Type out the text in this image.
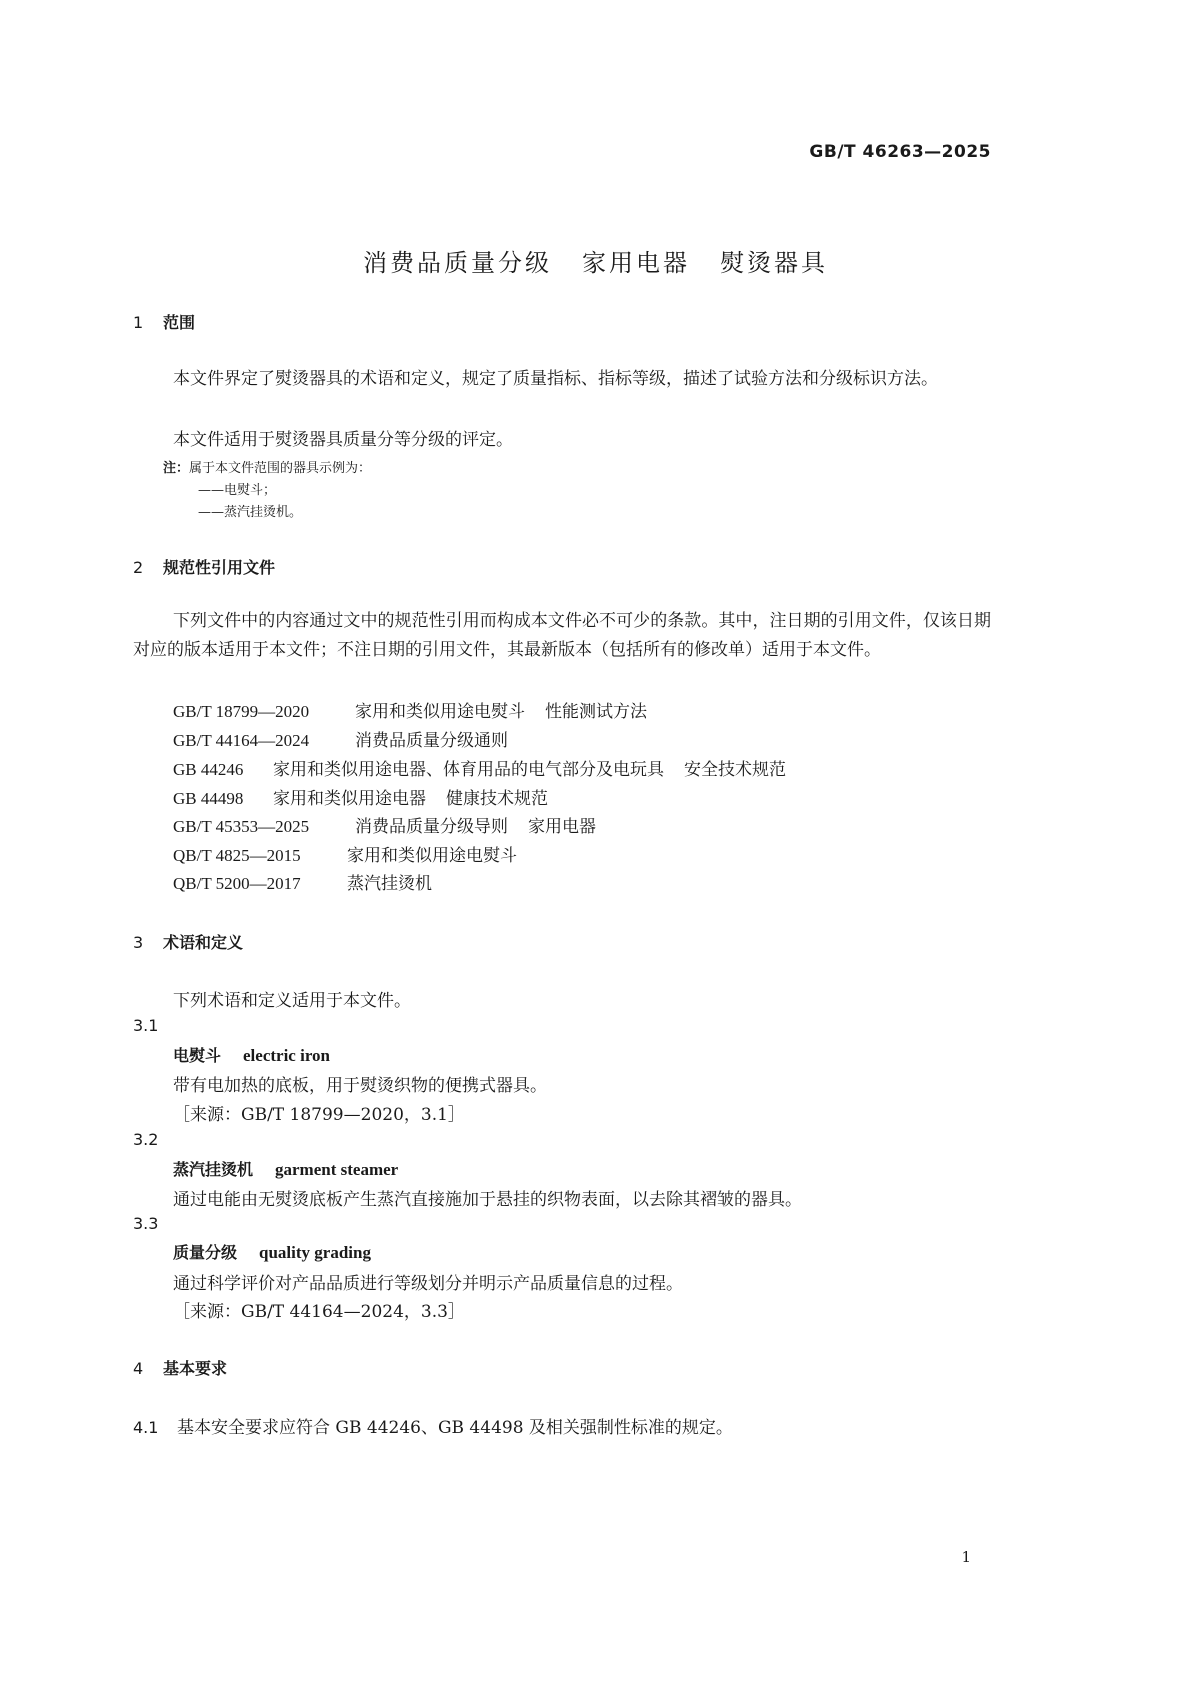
GB/T 46263—2025
消费品质量分级 家用电器 熨烫器具
1 范围
本文件界定了熨烫器具的术语和定义，规定了质量指标、指标等级，描述了试验方法和分级标识方法。
本文件适用于熨烫器具质量分等分级的评定。
注：属于本文件范围的器具示例为：
——电熨斗；
——蒸汽挂烫机。
2 规范性引用文件
下列文件中的内容通过文中的规范性引用而构成本文件必不可少的条款。其中，注日期的引用文件，仅该日期对应的版本适用于本文件；不注日期的引用文件，其最新版本（包括所有的修改单）适用于本文件。
GB/T 18799—2020	家用和类似用途电熨斗 性能测试方法
GB/T 44164—2024	消费品质量分级通则
GB 44246 家用和类似用途电器、体育用品的电气部分及电玩具 安全技术规范
GB 44498 家用和类似用途电器 健康技术规范
GB/T 45353—2025	消费品质量分级导则 家用电器
QB/T 4825—2015	家用和类似用途电熨斗
QB/T 5200—2017	蒸汽挂烫机
3 术语和定义
下列术语和定义适用于本文件。
3.1
电熨斗 electric iron
带有电加热的底板，用于熨烫织物的便携式器具。
［来源：GB/T 18799—2020，3.1］
3.2
蒸汽挂烫机 garment steamer
通过电能由无熨烫底板产生蒸汽直接施加于悬挂的织物表面，以去除其褶皱的器具。
3.3
质量分级 quality grading
通过科学评价对产品品质进行等级划分并明示产品质量信息的过程。
［来源：GB/T 44164—2024，3.3］
4 基本要求
4.1 基本安全要求应符合 GB 44246、GB 44498 及相关强制性标准的规定。
1
